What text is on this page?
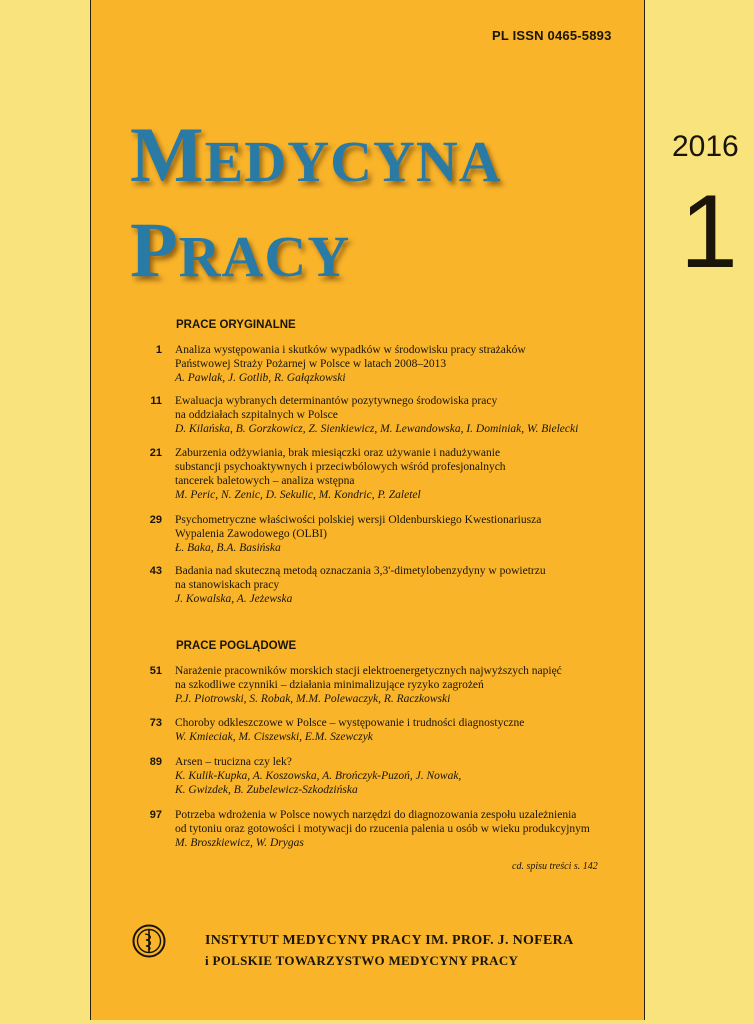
PL ISSN 0465-5893
MEDYCYNA
PRACY
2016
1
PRACE ORYGINALNE
1 Analiza występowania i skutków wypadków w środowisku pracy strażaków
Państwowej Straży Pożarnej w Polsce w latach 2008–2013
A. Pawlak, J. Gotlib, R. Gałązkowski
11 Ewaluacja wybranych determinantów pozytywnego środowiska pracy
na oddziałach szpitalnych w Polsce
D. Kilańska, B. Gorzkowicz, Z. Sienkiewicz, M. Lewandowska, I. Dominiak, W. Bielecki
21 Zaburzenia odżywiania, brak miesiączki oraz używanie i nadużywanie
substancji psychoaktywnych i przeciwbólowych wśród profesjonalnych
tancerek baletowych – analiza wstępna
M. Peric, N. Zenic, D. Sekulic, M. Kondric, P. Zaletel
29 Psychometryczne właściwości polskiej wersji Oldenburskiego Kwestionariusza
Wypalenia Zawodowego (OLBI)
Ł. Baka, B.A. Basińska
43 Badania nad skuteczną metodą oznaczania 3,3'-dimetylobenzydyny w powietrzu
na stanowiskach pracy
J. Kowalska, A. Jeżewska
PRACE POGLĄDOWE
51 Narażenie pracowników morskich stacji elektroenergetycznych najwyższych napięć
na szkodliwe czynniki – działania minimalizujące ryzyko zagrożeń
P.J. Piotrowski, S. Robak, M.M. Polewaczyk, R. Raczkowski
73 Choroby odkleszczowe w Polsce – występowanie i trudności diagnostyczne
W. Kmieciak, M. Ciszewski, E.M. Szewczyk
89 Arsen – trucizna czy lek?
K. Kulik-Kupka, A. Koszowska, A. Brończyk-Puzoń, J. Nowak,
K. Gwizdek, B. Zubelewicz-Szkodzińska
97 Potrzeba wdrożenia w Polsce nowych narzędzi do diagnozowania zespołu uzależnienia
od tytoniu oraz gotowości i motywacji do rzucenia palenia u osób w wieku produkcyjnym
M. Broszkiewicz, W. Drygas
cd. spisu treści s. 142
INSTYTUT MEDYCYNY PRACY IM. PROF. J. NOFERA
i POLSKIE TOWARZYSTWO MEDYCYNY PRACY
